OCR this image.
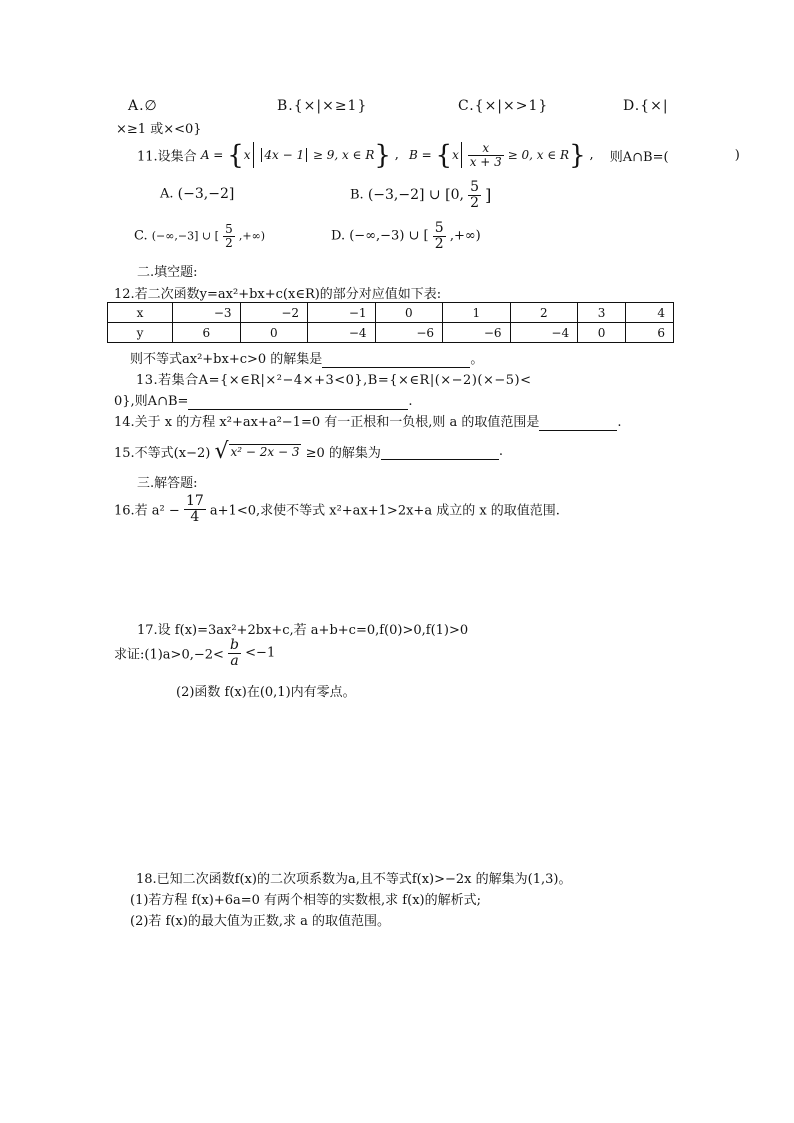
A.∅	B.{×|×≥1}	C.{×|×>1}	D.{×|
×≥1 或×<0}
11.设集合 A = {x 4x − 1 ≥ 9, x ∈ R} , $B = \{x \frac{x}{x + 3} \ge 0$, x ∈ R} , 则A∩B=(	)
A. (−3,−2]	B. (−3,−2] ∪ [0, $\frac{5}{2}$ ]
C. (−∞,−3] ∪ [ $\frac{5}{2}$ ,+∞)	D. (−∞,−3) ∪ [ $\frac{5}{2}$ ,+∞)
二.填空题:
12.若二次函数y=ax²+bx+c(x∈R)的部分对应值如下表:
x	−3	−2	−1	0	1	2	3	4
y	6	0	−4	−6	−6	−4	0	6
则不等式ax²+bx+c>0 的解集是	。
13.若集合A={×∈R|×²−4×+3<0},B={×∈R|(×−2)(×−5)<
0},则A∩B=	.
14.关于 x 的方程 x²+ax+a²−1=0 有一正根和一负根,则 a 的取值范围是	.
15.不等式(x−2) √ x² − 2x − 3 ≥0 的解集为	.
三.解答题:
16.若 $a^2 - \frac{17}{4} a+1<0$,求使不等式 x²+ax+1>2x+a 成立的 x 的取值范围.
17.设 f(x)=3ax²+2bx+c,若 a+b+c=0,f(0)>0,f(1)>0
求证:(1)a>0,−2< $\frac{b}{a} <-1$
(2)函数 f(x)在(0,1)内有零点。
18.已知二次函数f(x)的二次项系数为a,且不等式f(x)>−2x 的解集为(1,3)。
(1)若方程 f(x)+6a=0 有两个相等的实数根,求 f(x)的解析式;
(2)若 f(x)的最大值为正数,求 a 的取值范围。
